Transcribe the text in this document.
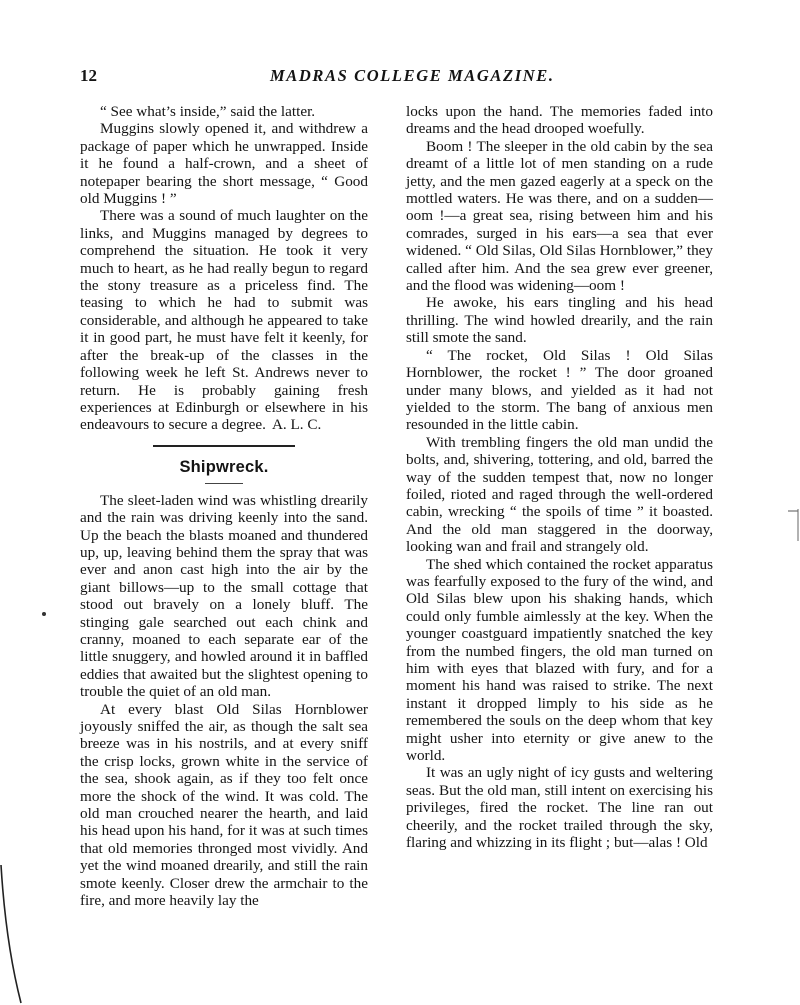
12	MADRAS COLLEGE MAGAZINE.

“ See what’s inside,” said the latter.

Muggins slowly opened it, and withdrew a package of paper which he unwrapped. Inside it he found a half-crown, and a sheet of notepaper bearing the short message, “ Good old Muggins ! ”

There was a sound of much laughter on the links, and Muggins managed by degrees to comprehend the situation. He took it very much to heart, as he had really begun to regard the stony treasure as a priceless find. The teasing to which he had to submit was considerable, and although he appeared to take it in good part, he must have felt it keenly, for after the break-up of the classes in the following week he left St. Andrews never to return. He is probably gaining fresh experiences at Edinburgh or elsewhere in his endeavours to secure a degree. A. L. C.

Shipwreck.

The sleet-laden wind was whistling drearily and the rain was driving keenly into the sand. Up the beach the blasts moaned and thundered up, up, leaving behind them the spray that was ever and anon cast high into the air by the giant billows—up to the small cottage that stood out bravely on a lonely bluff. The stinging gale searched out each chink and cranny, moaned to each separate ear of the little snuggery, and howled around it in baffled eddies that awaited but the slightest opening to trouble the quiet of an old man.

At every blast Old Silas Hornblower joyously sniffed the air, as though the salt sea breeze was in his nostrils, and at every sniff the crisp locks, grown white in the service of the sea, shook again, as if they too felt once more the shock of the wind. It was cold. The old man crouched nearer the hearth, and laid his head upon his hand, for it was at such times that old memories thronged most vividly. And yet the wind moaned drearily, and still the rain smote keenly. Closer drew the armchair to the fire, and more heavily lay the

locks upon the hand. The memories faded into dreams and the head drooped woefully.

Boom ! The sleeper in the old cabin by the sea dreamt of a little lot of men standing on a rude jetty, and the men gazed eagerly at a speck on the mottled waters. He was there, and on a sudden—oom !—a great sea, rising between him and his comrades, surged in his ears—a sea that ever widened. “ Old Silas, Old Silas Hornblower,” they called after him. And the sea grew ever greener, and the flood was widening—oom !

He awoke, his ears tingling and his head thrilling. The wind howled drearily, and the rain still smote the sand.

“ The rocket, Old Silas ! Old Silas Hornblower, the rocket ! ” The door groaned under many blows, and yielded as it had not yielded to the storm. The bang of anxious men resounded in the little cabin.

With trembling fingers the old man undid the bolts, and, shivering, tottering, and old, barred the way of the sudden tempest that, now no longer foiled, rioted and raged through the well-ordered cabin, wrecking “ the spoils of time ” it boasted. And the old man staggered in the doorway, looking wan and frail and strangely old.

The shed which contained the rocket apparatus was fearfully exposed to the fury of the wind, and Old Silas blew upon his shaking hands, which could only fumble aimlessly at the key. When the younger coastguard impatiently snatched the key from the numbed fingers, the old man turned on him with eyes that blazed with fury, and for a moment his hand was raised to strike. The next instant it dropped limply to his side as he remembered the souls on the deep whom that key might usher into eternity or give anew to the world.

It was an ugly night of icy gusts and weltering seas. But the old man, still intent on exercising his privileges, fired the rocket. The line ran out cheerily, and the rocket trailed through the sky, flaring and whizzing in its flight ; but—alas ! Old
